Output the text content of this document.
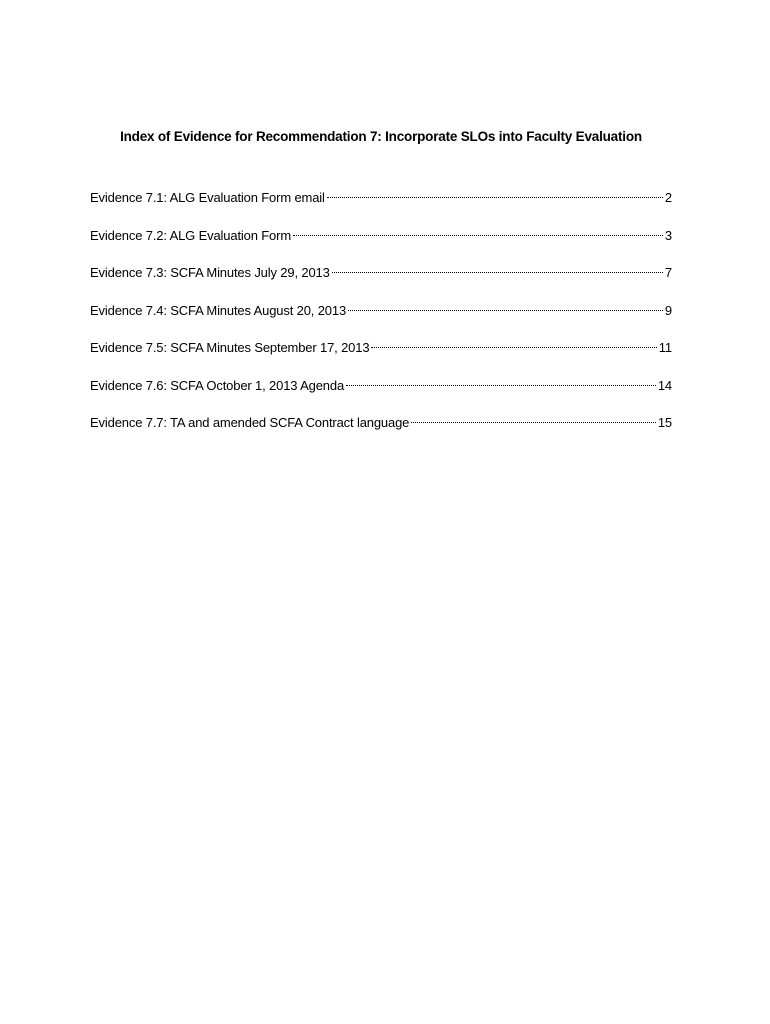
Index of Evidence for Recommendation 7: Incorporate SLOs into Faculty Evaluation
Evidence 7.1: ALG Evaluation Form email	2
Evidence 7.2: ALG Evaluation Form	3
Evidence 7.3: SCFA Minutes July 29, 2013	7
Evidence 7.4: SCFA Minutes August 20, 2013	9
Evidence 7.5: SCFA Minutes September 17, 2013	11
Evidence 7.6: SCFA October 1, 2013 Agenda	14
Evidence 7.7: TA and amended SCFA Contract language	15
